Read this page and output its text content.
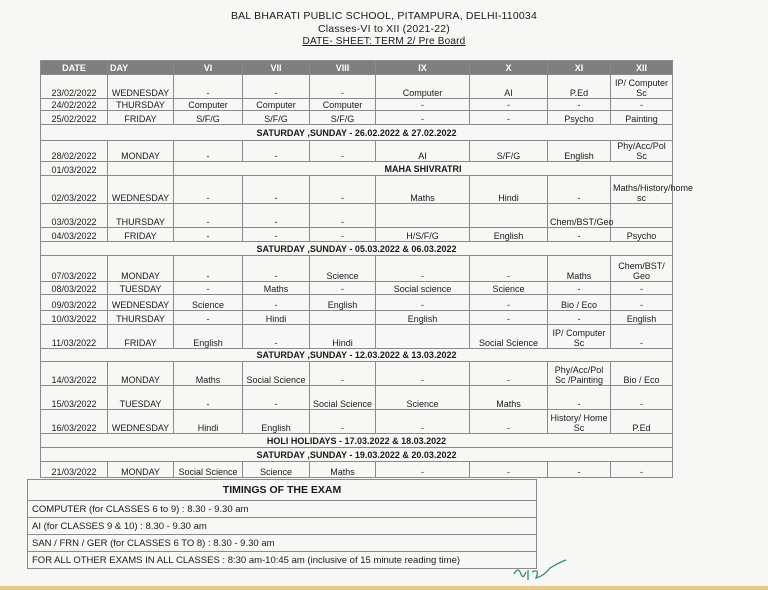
BAL BHARATI PUBLIC SCHOOL, PITAMPURA, DELHI-110034
Classes-VI to XII (2021-22)
DATE- SHEET: TERM 2/ Pre Board
DATE	DAY	VI	VII	VIII	IX	X	XI	XII
23/02/2022	WEDNESDAY	-	-	-	Computer	AI	P.Ed	IP/ Computer Sc
24/02/2022	THURSDAY	Computer	Computer	Computer	-	-	-	-
25/02/2022	FRIDAY	S/F/G	S/F/G	S/F/G	-	-	Psycho	Painting
SATURDAY ,SUNDAY - 26.02.2022 & 27.02.2022								
28/02/2022	MONDAY	-	-	-	AI	S/F/G	English	Phy/Acc/Pol Sc
01/03/2022		MAHA SHIVRATRI						
02/03/2022	WEDNESDAY	-	-	-	Maths	Hindi	-	Maths/History/home sc
03/03/2022	THURSDAY	-	-	-			Chem/BST/Geo	
04/03/2022	FRIDAY	-	-	-	H/S/F/G	English	-	Psycho
SATURDAY ,SUNDAY - 05.03.2022 & 06.03.2022								
07/03/2022	MONDAY	-	-	Science	-	-	Maths	Chem/BST/ Geo
08/03/2022	TUESDAY	-	Maths	-	Social science	Science	-	-
09/03/2022	WEDNESDAY	Science	-	English	-	-	Bio / Eco	-
10/03/2022	THURSDAY	-	Hindi		English	-	-	English
11/03/2022	FRIDAY	English	-	Hindi		Social Science	IP/ Computer Sc	-
SATURDAY ,SUNDAY - 12.03.2022 & 13.03.2022								
14/03/2022	MONDAY	Maths	Social Science	-	-	-	Phy/Acc/Pol Sc /Painting	Bio / Eco
15/03/2022	TUESDAY	-	-	Social Science	Science	Maths	-	-
16/03/2022	WEDNESDAY	Hindi	English	-	-	-	History/ Home Sc	P.Ed
HOLI HOLIDAYS - 17.03.2022 & 18.03.2022								
SATURDAY ,SUNDAY - 19.03.2022 & 20.03.2022								
21/03/2022	MONDAY	Social Science	Science	Maths	-	-	-	-
TIMINGS OF THE EXAM
COMPUTER (for CLASSES 6 to 9) : 8.30 - 9.30 am
AI (for CLASSES 9 & 10) : 8.30 - 9.30 am
SAN / FRN / GER (for CLASSES 6 TO 8) : 8.30 - 9.30 am
FOR ALL OTHER EXAMS IN ALL CLASSES : 8:30 am-10:45 am (inclusive of 15 minute reading time)
